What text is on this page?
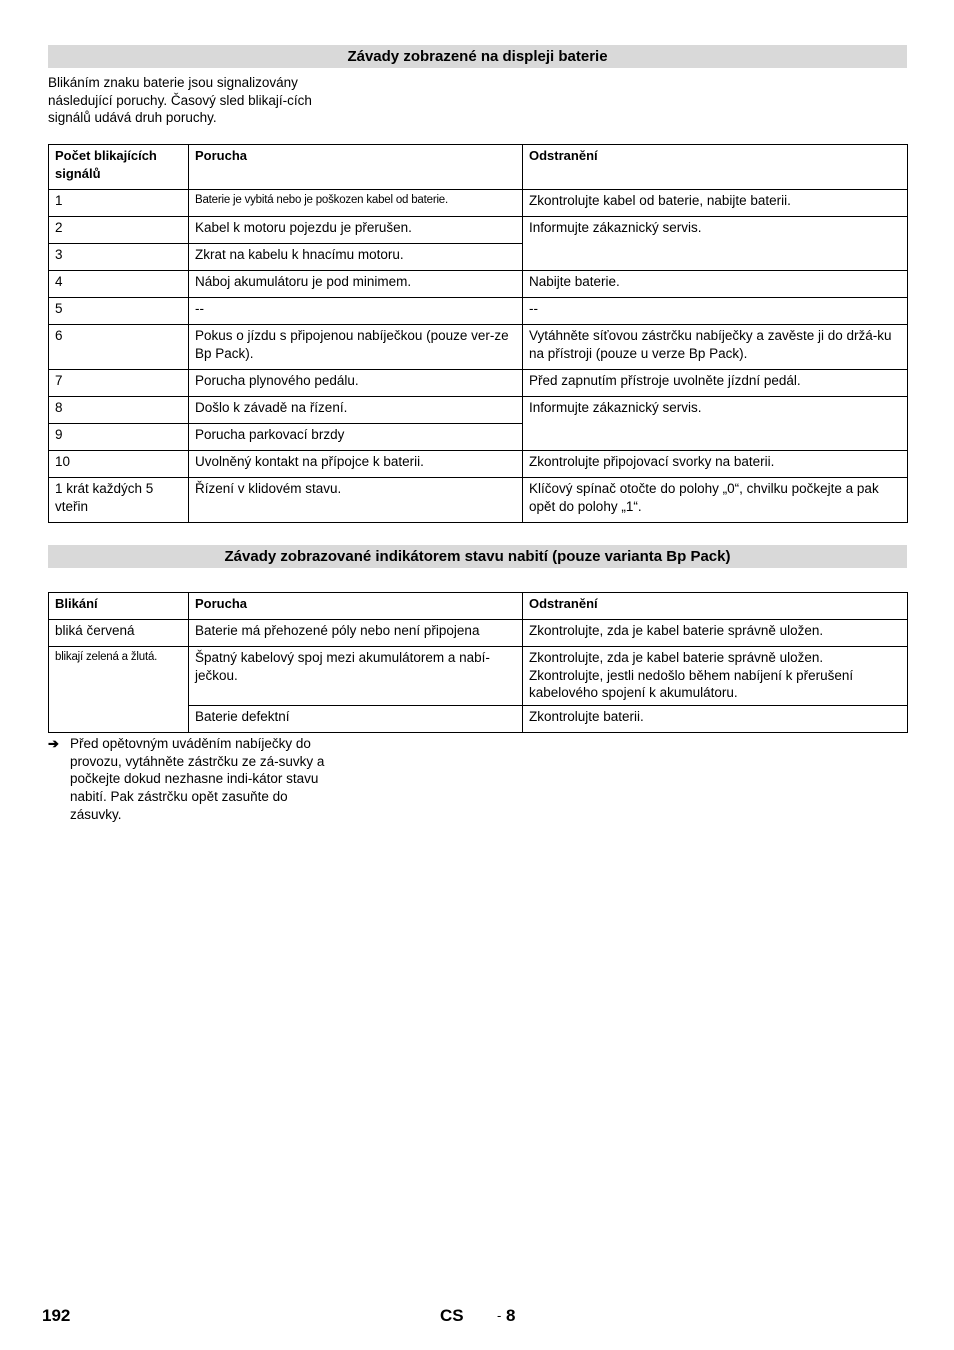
Závady zobrazené na displeji baterie
Blikáním znaku baterie jsou signalizovány následující poruchy. Časový sled blikají-cích signálů udává druh poruchy.
Počet blikajících signálů	Porucha	Odstranění
1	Baterie je vybitá nebo je poškozen kabel od baterie.	Zkontrolujte kabel od baterie, nabijte baterii.
2	Kabel k motoru pojezdu je přerušen.	Informujte zákaznický servis.
3	Zkrat na kabelu k hnacímu motoru.	
4	Náboj akumulátoru je pod minimem.	Nabijte baterie.
5	--	--
6	Pokus o jízdu s připojenou nabíječkou (pouze ver-ze Bp Pack).	Vytáhněte síťovou zástrčku nabíječky a zavěste ji do držá-ku na přístroji (pouze u verze Bp Pack).
7	Porucha plynového pedálu.	Před zapnutím přístroje uvolněte jízdní pedál.
8	Došlo k závadě na řízení.	Informujte zákaznický servis.
9	Porucha parkovací brzdy	
10	Uvolněný kontakt na přípojce k baterii.	Zkontrolujte připojovací svorky na baterii.
1 krát každých 5 vteřin	Řízení v klidovém stavu.	Klíčový spínač otočte do polohy „0“, chvilku počkejte a pak opět do polohy „1“.
Závady zobrazované indikátorem stavu nabití (pouze varianta Bp Pack)
Blikání	Porucha	Odstranění
bliká červená	Baterie má přehozené póly nebo není připojena	Zkontrolujte, zda je kabel baterie správně uložen.
blikají zelená a žlutá.	Špatný kabelový spoj mezi akumulátorem a nabí-ječkou.	Zkontrolujte, zda je kabel baterie správně uložen. Zkontrolujte, jestli nedošlo během nabíjení k přerušení kabelového spojení k akumulátoru.
	Baterie defektní	Zkontrolujte baterii.
➔ Před opětovným uváděním nabíječky do provozu, vytáhněte zástrčku ze zá-suvky a počkejte dokud nezhasne indi-kátor stavu nabití. Pak zástrčku opět zasuňte do zásuvky.
192	CS	- 8
